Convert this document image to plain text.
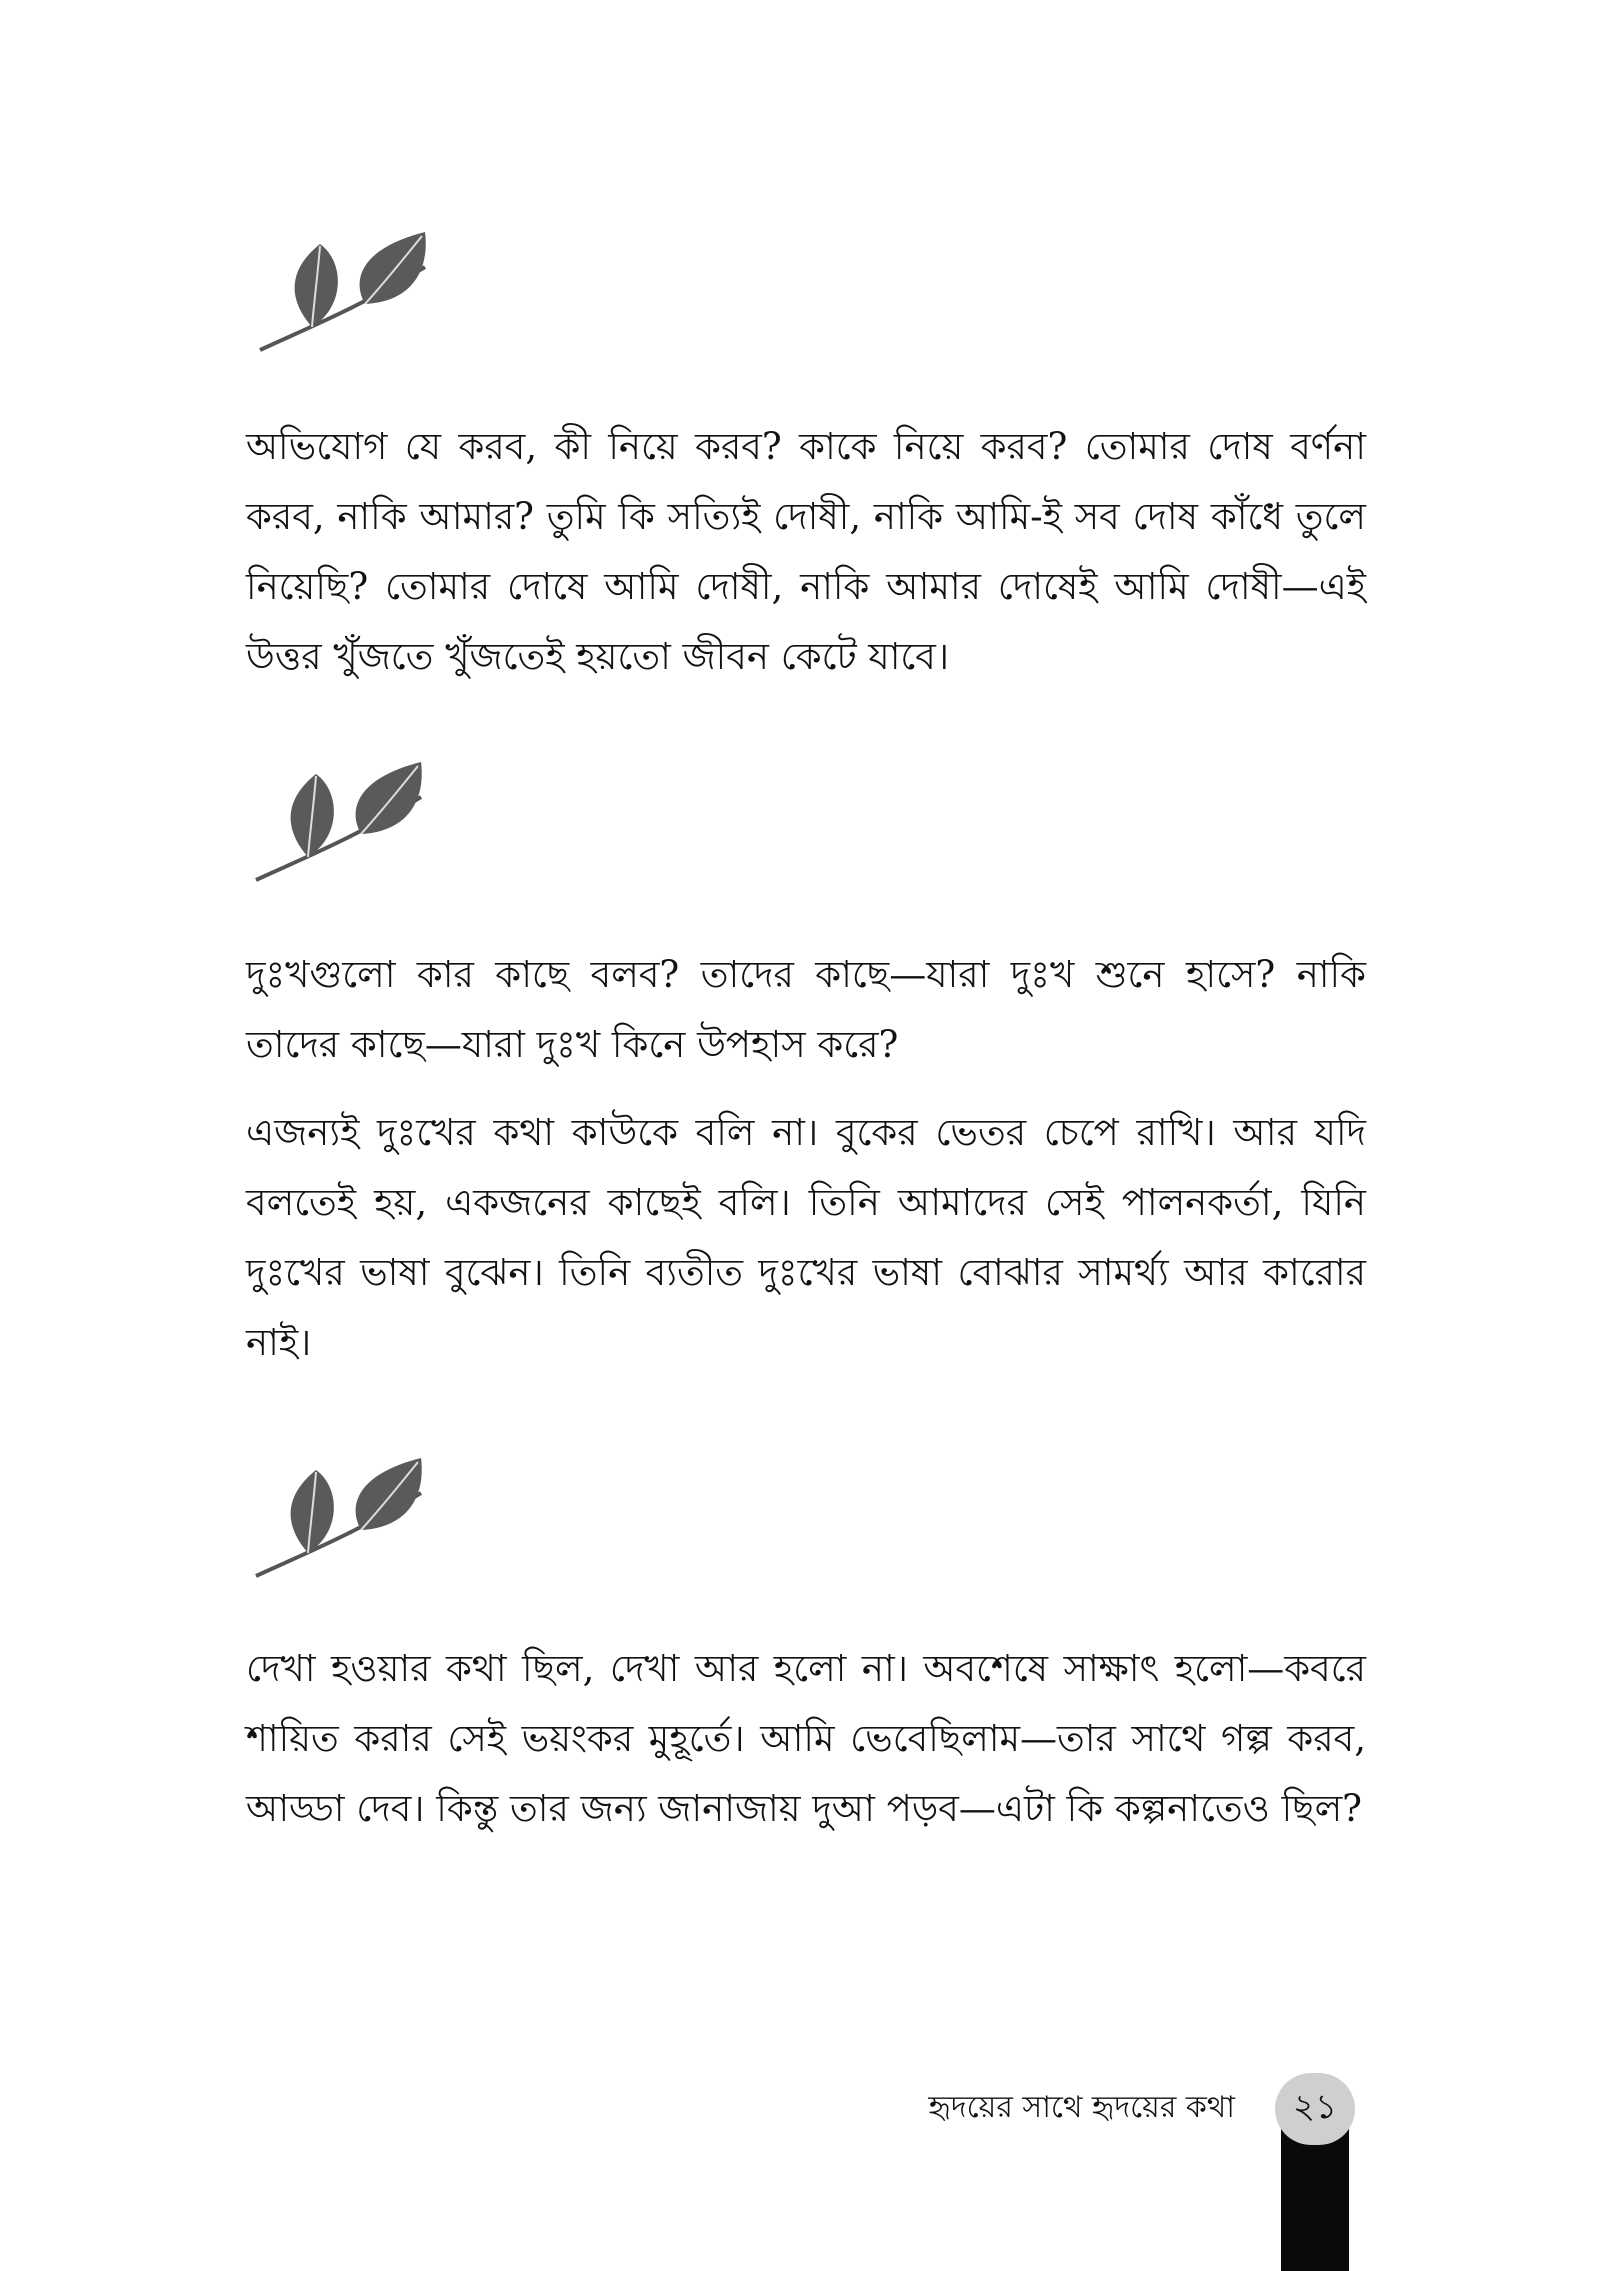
অভিযোগ যে করব, কী নিয়ে করব? কাকে নিয়ে করব? তোমার দোষ বর্ণনা করব, নাকি আমার? তুমি কি সত্যিই দোষী, নাকি আমি-ই সব দোষ কাঁধে তুলে নিয়েছি? তোমার দোষে আমি দোষী, নাকি আমার দোষেই আমি দোষী—এই উত্তর খুঁজতে খুঁজতেই হয়তো জীবন কেটে যাবে।

দুঃখগুলো কার কাছে বলব? তাদের কাছে—যারা দুঃখ শুনে হাসে? নাকি তাদের কাছে—যারা দুঃখ কিনে উপহাস করে?

এজন্যই দুঃখের কথা কাউকে বলি না। বুকের ভেতর চেপে রাখি। আর যদি বলতেই হয়, একজনের কাছেই বলি। তিনি আমাদের সেই পালনকর্তা, যিনি দুঃখের ভাষা বুঝেন। তিনি ব্যতীত দুঃখের ভাষা বোঝার সামর্থ্য আর কারোর নাই।

দেখা হওয়ার কথা ছিল, দেখা আর হলো না। অবশেষে সাক্ষাৎ হলো—কবরে শায়িত করার সেই ভয়ংকর মুহূর্তে। আমি ভেবেছিলাম—তার সাথে গল্প করব, আড্ডা দেব। কিন্তু তার জন্য জানাজায় দুআ পড়ব—এটা কি কল্পনাতেও ছিল?

হৃদয়ের সাথে হৃদয়ের কথা	২১
